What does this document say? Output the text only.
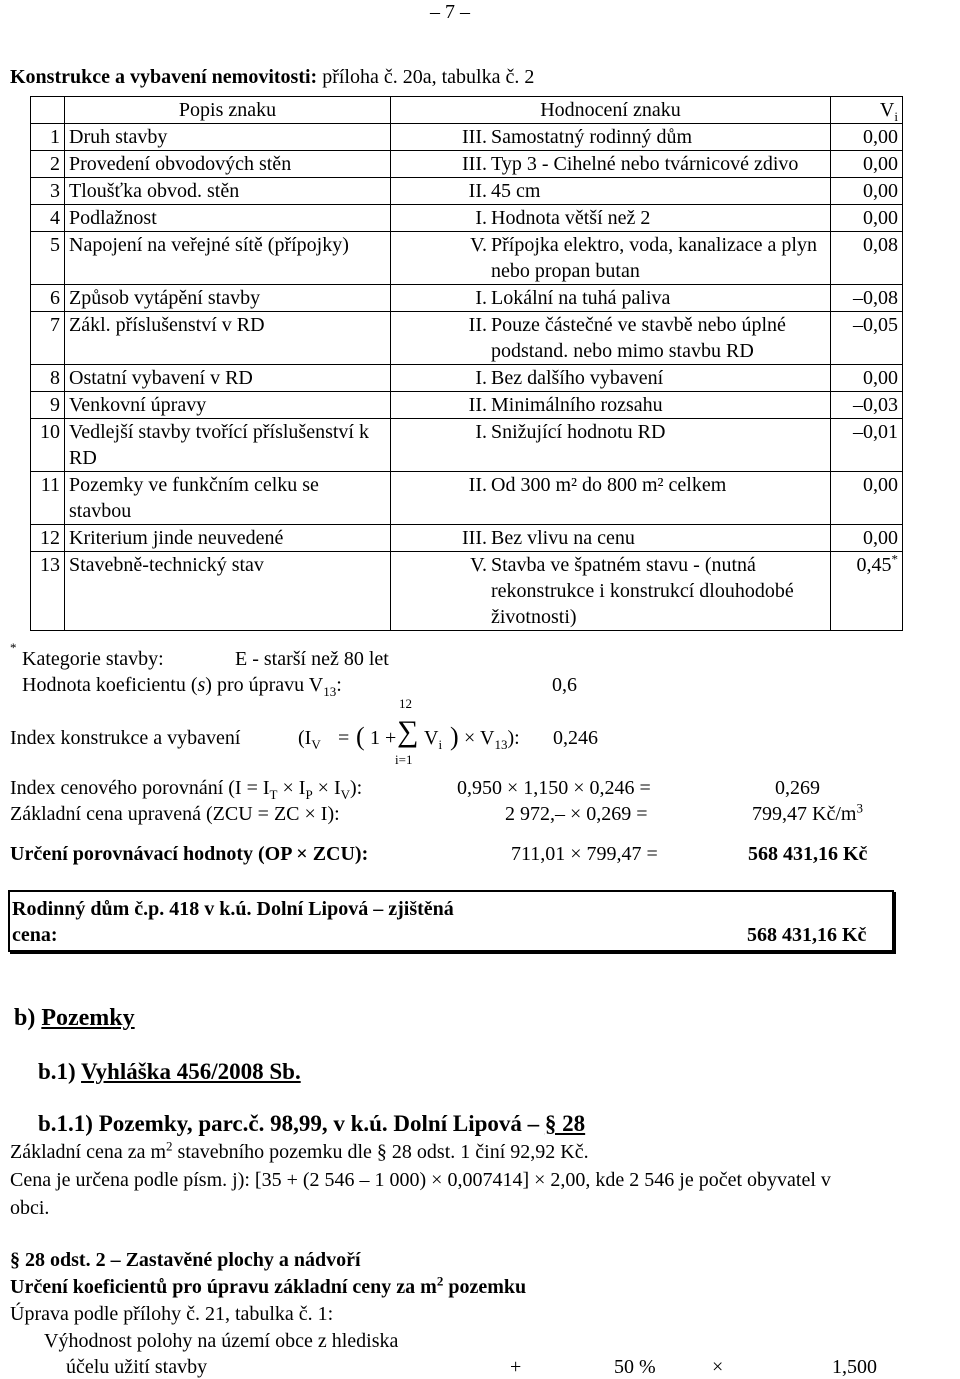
– 7 –
Konstrukce a vybavení nemovitosti: příloha č. 20a, tabulka č. 2
	Popis znaku	Hodnocení znaku	$V_i$
1	Druh stavby	III. Samostatný rodinný dům	0,00
2	Provedení obvodových stěn	III. Typ 3 - Cihelné nebo tvárnicové zdivo	0,00
3	Tloušťka obvod. stěn	II. 45 cm	0,00
4	Podlažnost	I. Hodnota větší než 2	0,00
5	Napojení na veřejné sítě (přípojky)	V. Přípojka elektro, voda, kanalizace a plyn nebo propan butan	0,08
6	Způsob vytápění stavby	I. Lokální na tuhá paliva	–0,08
7	Zákl. příslušenství v RD	II. Pouze částečné ve stavbě nebo úplné podstand. nebo mimo stavbu RD	–0,05
8	Ostatní vybavení v RD	I. Bez dalšího vybavení	0,00
9	Venkovní úpravy	II. Minimálního rozsahu	–0,03
10	Vedlejší stavby tvořící příslušenství k RD	I. Snižující hodnotu RD	–0,01
11	Pozemky ve funkčním celku se stavbou	II. Od 300 m² do 800 m² celkem	0,00
12	Kriterium jinde neuvedené	III. Bez vlivu na cenu	0,00
13	Stavebně-technický stav	V. Stavba ve špatném stavu - (nutná rekonstrukce i konstrukcí dlouhodobé životnosti)	0,45*
*
Kategorie stavby:	E - starší než 80 let
Hodnota koeficientu (s) pro úpravu $V_{13}$:	0,6
Index konstrukce a vybavení	($I_V$ = ( 1 +
12
∑
i=1
$V_i$ ) × $V_{13}$): 0,246
Index cenového porovnání $(I = I_T \times I_P \times I_V)$:	0,950 × 1,150 × 0,246 =	0,269
Základní cena upravená (ZCU = ZC × I):	2 972,– × 0,269 =	799,47 $Kč/m^3$
Určení porovnávací hodnoty (OP × ZCU):	711,01 × 799,47 =	568 431,16 Kč
Rodinný dům č.p. 418 v k.ú. Dolní Lipová – zjištěná
cena:	568 431,16 Kč
b) Pozemky
b.1) Vyhláška 456/2008 Sb.
b.1.1) Pozemky, parc.č. 98,99, v k.ú. Dolní Lipová – § 28
Základní cena za $m^2$ stavebního pozemku dle § 28 odst. 1 činí 92,92 Kč.
Cena je určena podle písm. j): [35 + (2 546 – 1 000) × 0,007414] × 2,00, kde 2 546 je počet obyvatel v
obci.
§ 28 odst. 2 – Zastavěné plochy a nádvoří
Určení koeficientů pro úpravu základní ceny za $m^2$ pozemku
Úprava podle přílohy č. 21, tabulka č. 1:
Výhodnost polohy na území obce z hlediska
účelu užití stavby	+	50 %	×	1,500
